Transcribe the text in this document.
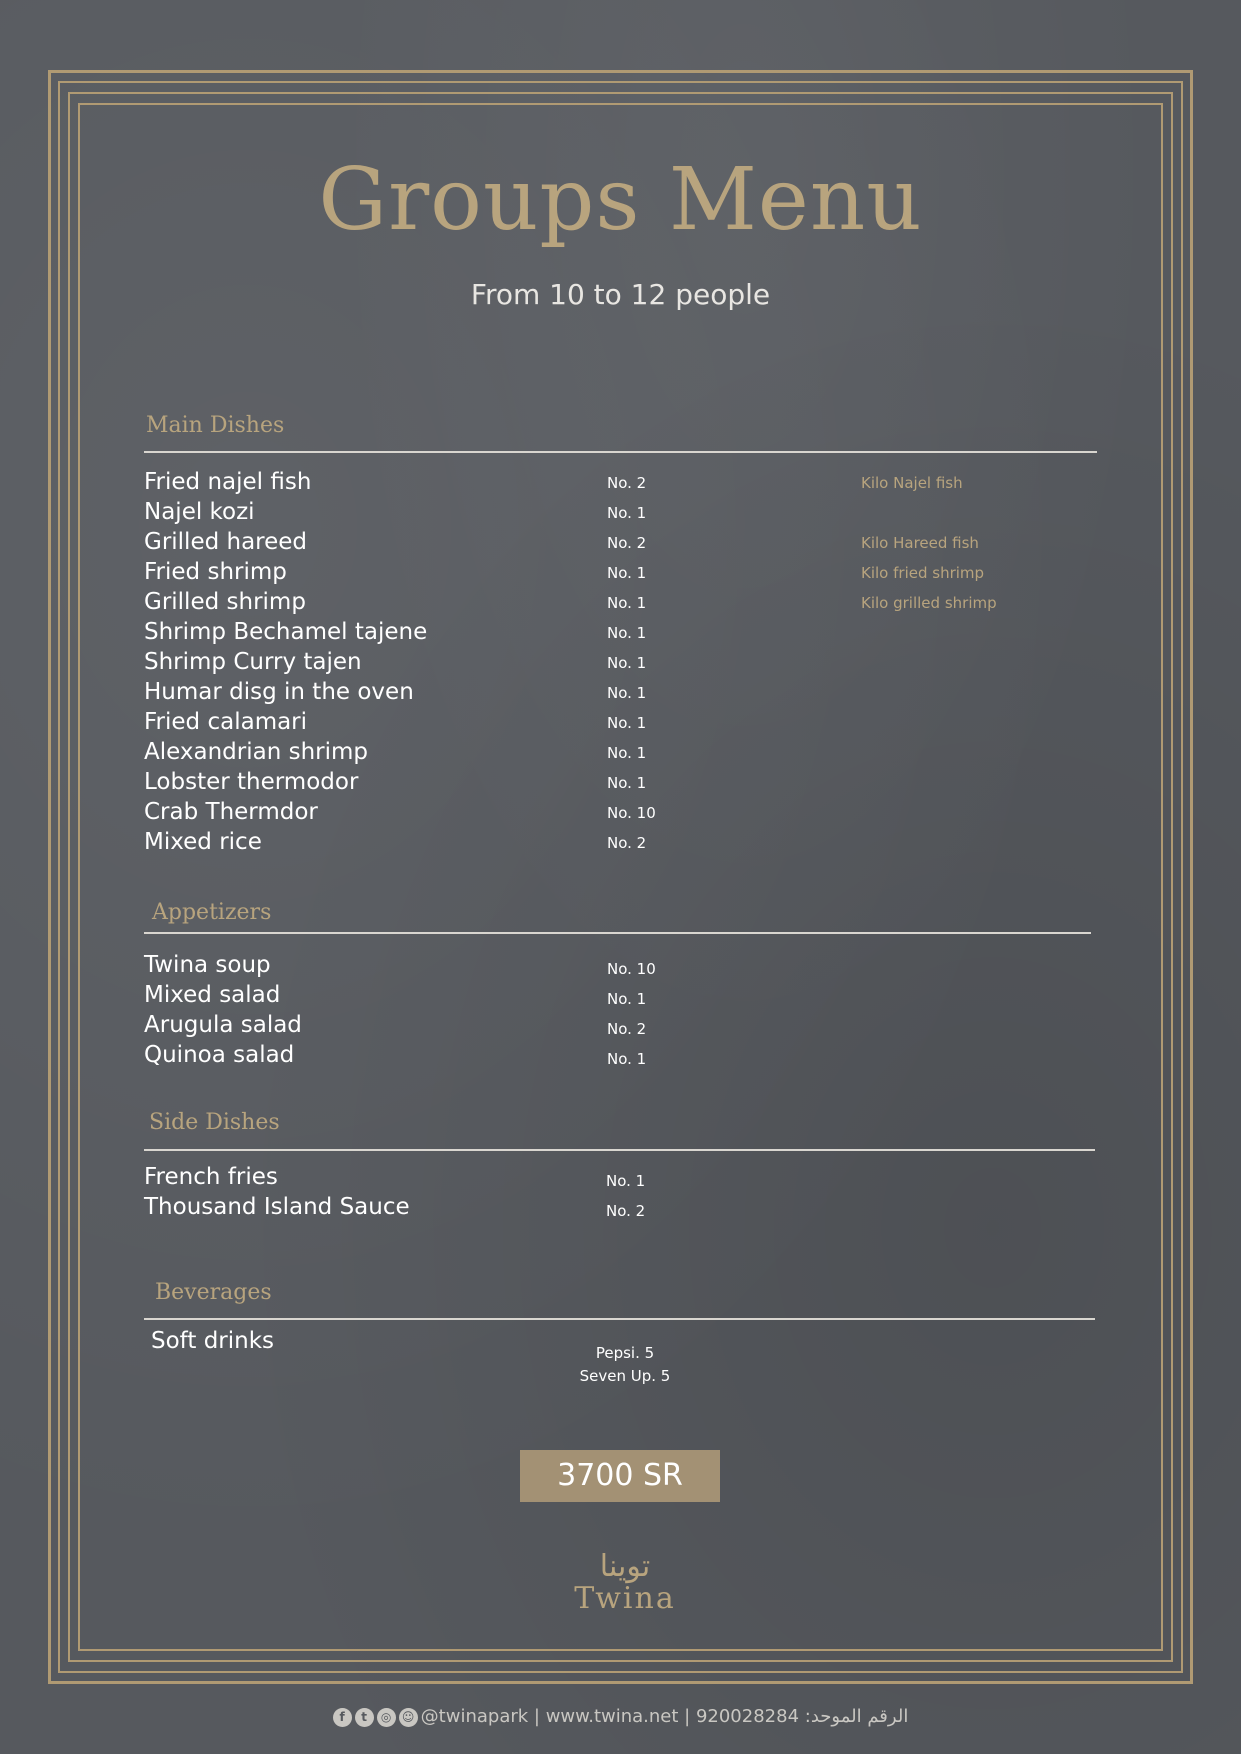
Groups Menu
From 10 to 12 people
Main Dishes
Fried najel fish	No. 2	Kilo Najel fish
Najel kozi	No. 1
Grilled hareed	No. 2	Kilo Hareed fish
Fried shrimp	No. 1	Kilo fried shrimp
Grilled shrimp	No. 1	Kilo grilled shrimp
Shrimp Bechamel tajene	No. 1
Shrimp Curry tajen	No. 1
Humar disg in the oven	No. 1
Fried calamari	No. 1
Alexandrian shrimp	No. 1
Lobster thermodor	No. 1
Crab Thermdor	No. 10
Mixed rice	No. 2
Appetizers
Twina soup	No. 10
Mixed salad	No. 1
Arugula salad	No. 2
Quinoa salad	No. 1
Side Dishes
French fries	No. 1
Thousand Island Sauce	No. 2
Beverages
Soft drinks	Pepsi. 5
Seven Up. 5
3700 SR
توينا
Twina
f t ◎ ☺ @twinapark | www.twina.net | 920028284 الرقم الموحد:
